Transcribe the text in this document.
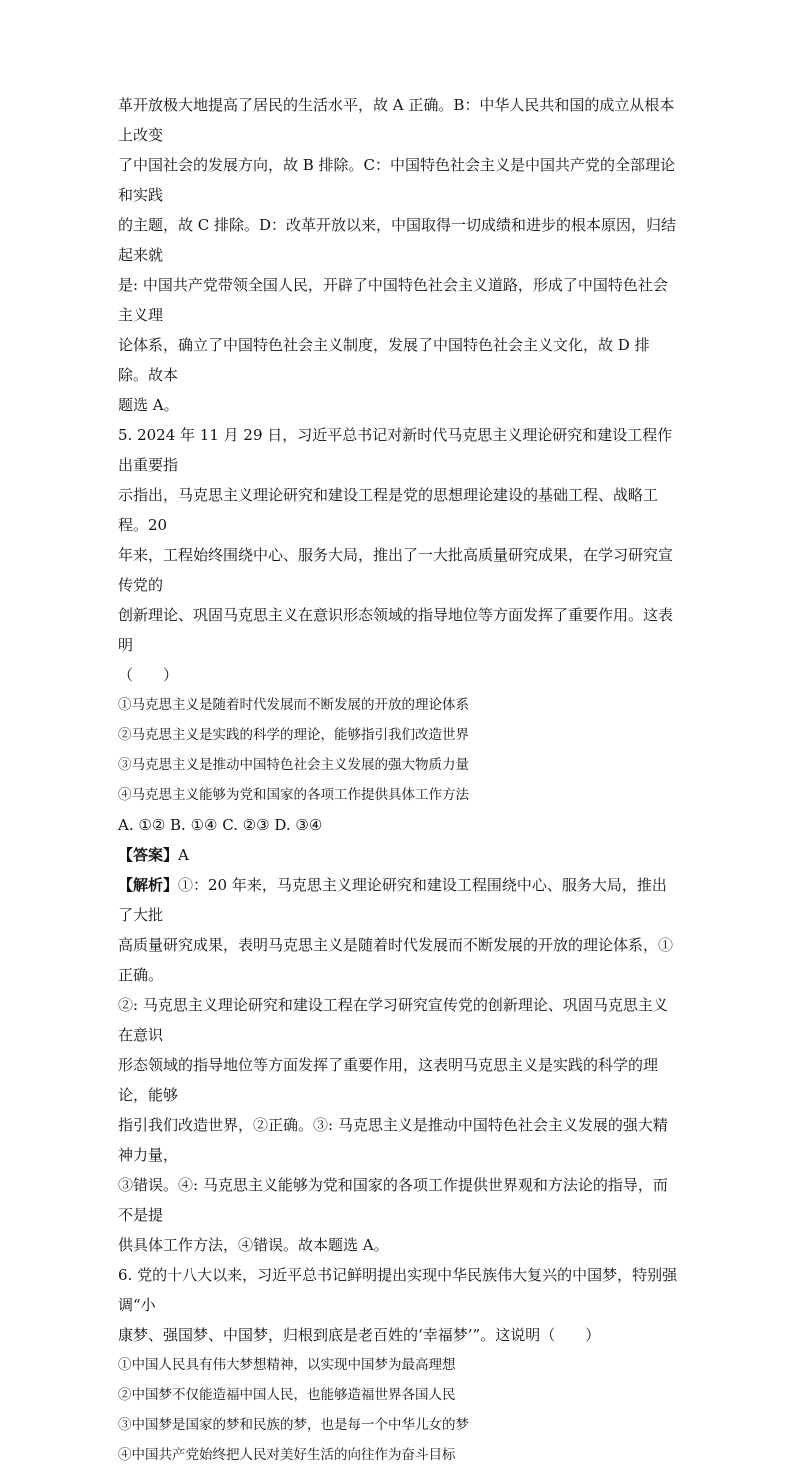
革开放极大地提高了居民的生活水平，故 A 正确。B：中华人民共和国的成立从根本上改变

了中国社会的发展方向，故 B 排除。C：中国特色社会主义是中国共产党的全部理论和实践

的主题，故 C 排除。D：改革开放以来，中国取得一切成绩和进步的根本原因，归结起来就

是: 中国共产党带领全国人民，开辟了中国特色社会主义道路，形成了中国特色社会主义理

论体系，确立了中国特色社会主义制度，发展了中国特色社会主义文化，故 D 排除。故本

题选 A。

5. 2024 年 11 月 29 日，习近平总书记对新时代马克思主义理论研究和建设工程作出重要指

示指出，马克思主义理论研究和建设工程是党的思想理论建设的基础工程、战略工程。20

年来，工程始终围绕中心、服务大局，推出了一大批高质量研究成果，在学习研究宣传党的

创新理论、巩固马克思主义在意识形态领域的指导地位等方面发挥了重要作用。这表明

（　　）

①马克思主义是随着时代发展而不断发展的开放的理论体系

②马克思主义是实践的科学的理论，能够指引我们改造世界

③马克思主义是推动中国特色社会主义发展的强大物质力量

④马克思主义能够为党和国家的各项工作提供具体工作方法

A. ①② B. ①④ C. ②③ D. ③④

【答案】A

【解析】①：20 年来，马克思主义理论研究和建设工程围绕中心、服务大局，推出了大批

高质量研究成果，表明马克思主义是随着时代发展而不断发展的开放的理论体系，①正确。

②: 马克思主义理论研究和建设工程在学习研究宣传党的创新理论、巩固马克思主义在意识

形态领域的指导地位等方面发挥了重要作用，这表明马克思主义是实践的科学的理论，能够

指引我们改造世界，②正确。③: 马克思主义是推动中国特色社会主义发展的强大精神力量，

③错误。④: 马克思主义能够为党和国家的各项工作提供世界观和方法论的指导，而不是提

供具体工作方法，④错误。故本题选 A。

6. 党的十八大以来，习近平总书记鲜明提出实现中华民族伟大复兴的中国梦，特别强调“小

康梦、强国梦、中国梦，归根到底是老百姓的‘幸福梦’”。这说明（　　）

①中国人民具有伟大梦想精神，以实现中国梦为最高理想

②中国梦不仅能造福中国人民，也能够造福世界各国人民

③中国梦是国家的梦和民族的梦，也是每一个中华儿女的梦

④中国共产党始终把人民对美好生活的向往作为奋斗目标
